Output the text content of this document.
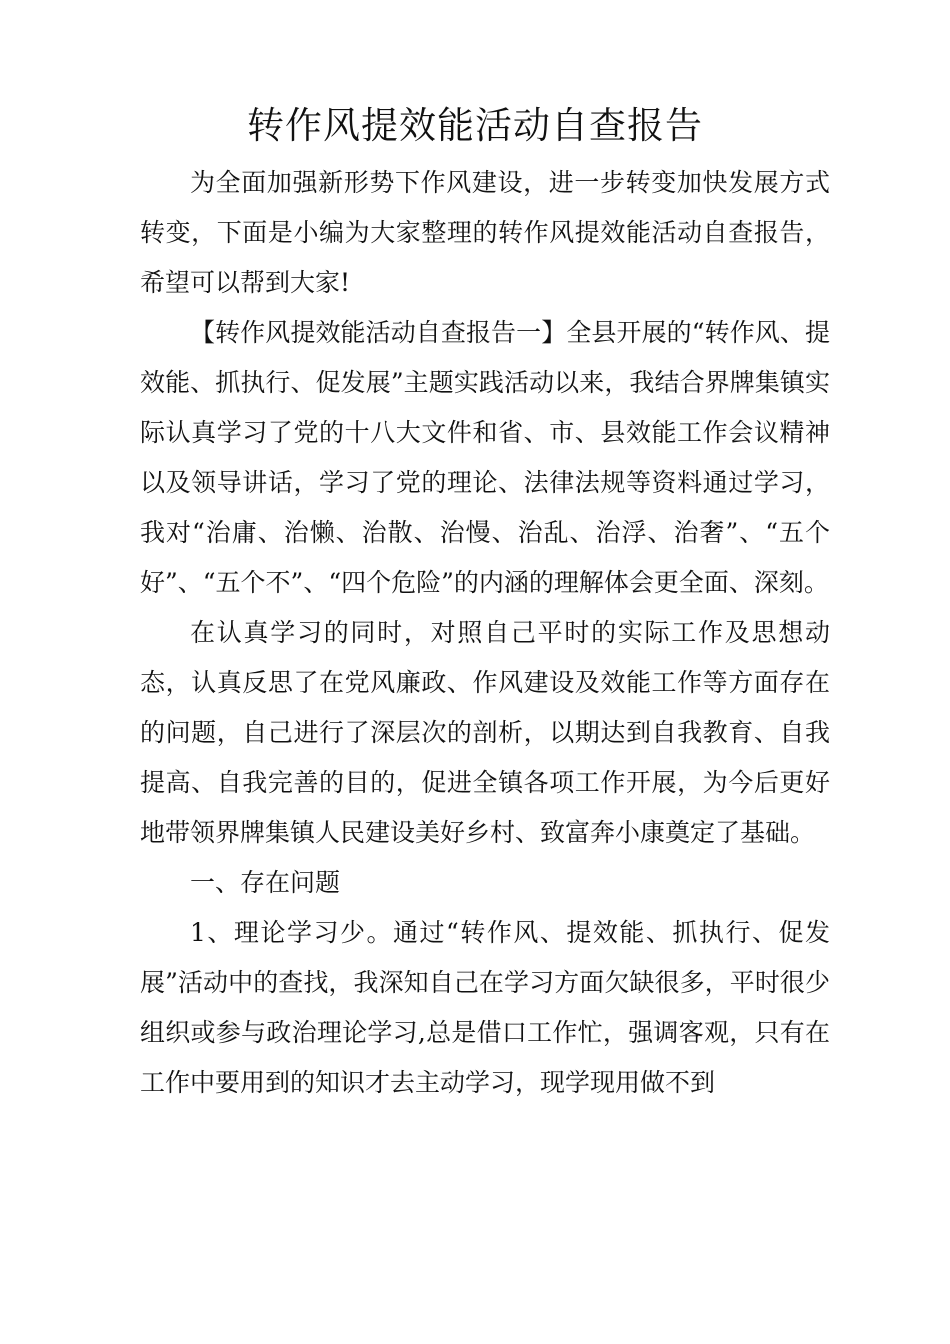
转作风提效能活动自查报告

为全面加强新形势下作风建设，进一步转变加快发展方式转变，下面是小编为大家整理的转作风提效能活动自查报告，希望可以帮到大家!

【转作风提效能活动自查报告一】全县开展的“转作风、提效能、抓执行、促发展”主题实践活动以来，我结合界牌集镇实际认真学习了党的十八大文件和省、市、县效能工作会议精神以及领导讲话，学习了党的理论、法律法规等资料通过学习，我对“治庸、治懒、治散、治慢、治乱、治浮、治奢”、“五个好”、“五个不”、“四个危险”的内涵的理解体会更全面、深刻。

在认真学习的同时，对照自己平时的实际工作及思想动态，认真反思了在党风廉政、作风建设及效能工作等方面存在的问题，自己进行了深层次的剖析，以期达到自我教育、自我提高、自我完善的目的，促进全镇各项工作开展，为今后更好地带领界牌集镇人民建设美好乡村、致富奔小康奠定了基础。

一、存在问题

1、理论学习少。通过“转作风、提效能、抓执行、促发展”活动中的查找，我深知自己在学习方面欠缺很多，平时很少组织或参与政治理论学习,总是借口工作忙，强调客观，只有在工作中要用到的知识才去主动学习，现学现用做不到
